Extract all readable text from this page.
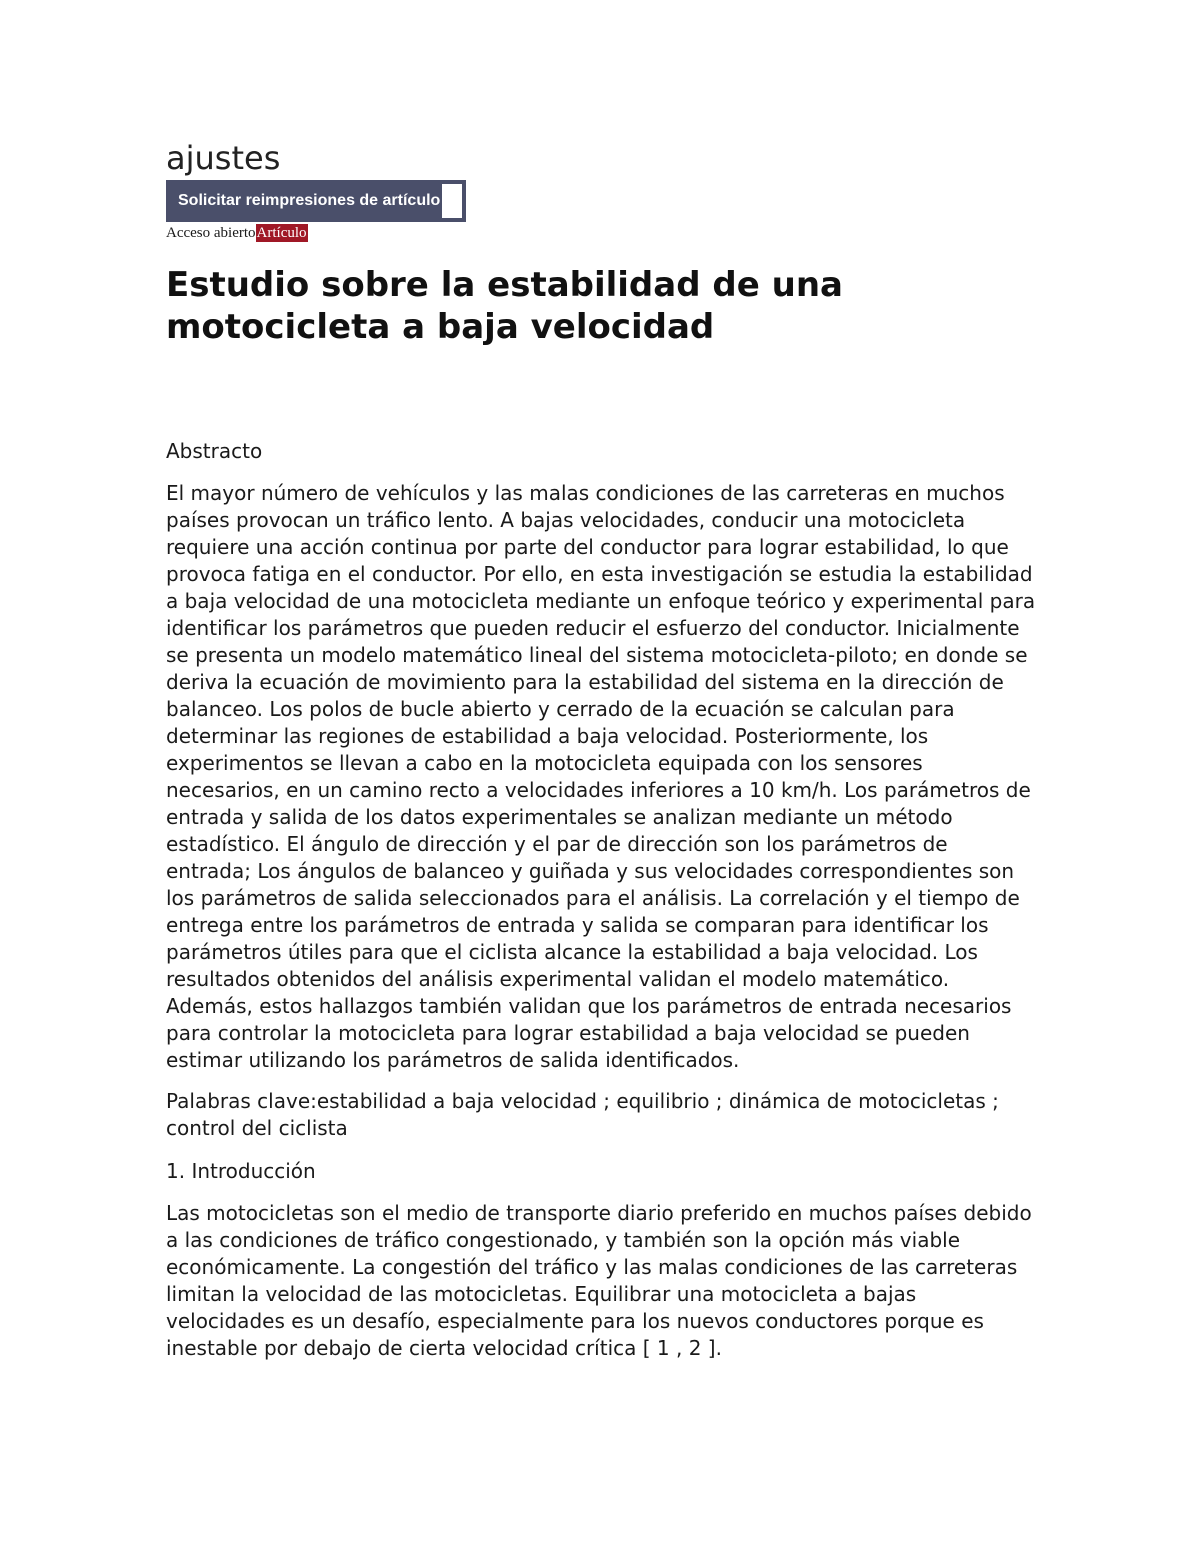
ajustes
Solicitar reimpresiones de artículo
Acceso abierto Artículo
Estudio sobre la estabilidad de una motocicleta a baja velocidad
Abstracto

El mayor número de vehículos y las malas condiciones de las carreteras en muchos países provocan un tráfico lento. A bajas velocidades, conducir una motocicleta requiere una acción continua por parte del conductor para lograr estabilidad, lo que provoca fatiga en el conductor. Por ello, en esta investigación se estudia la estabilidad a baja velocidad de una motocicleta mediante un enfoque teórico y experimental para identificar los parámetros que pueden reducir el esfuerzo del conductor. Inicialmente se presenta un modelo matemático lineal del sistema motocicleta-piloto; en donde se deriva la ecuación de movimiento para la estabilidad del sistema en la dirección de balanceo. Los polos de bucle abierto y cerrado de la ecuación se calculan para determinar las regiones de estabilidad a baja velocidad. Posteriormente, los experimentos se llevan a cabo en la motocicleta equipada con los sensores necesarios, en un camino recto a velocidades inferiores a 10 km/h. Los parámetros de entrada y salida de los datos experimentales se analizan mediante un método estadístico. El ángulo de dirección y el par de dirección son los parámetros de entrada; Los ángulos de balanceo y guiñada y sus velocidades correspondientes son los parámetros de salida seleccionados para el análisis. La correlación y el tiempo de entrega entre los parámetros de entrada y salida se comparan para identificar los parámetros útiles para que el ciclista alcance la estabilidad a baja velocidad. Los resultados obtenidos del análisis experimental validan el modelo matemático. Además, estos hallazgos también validan que los parámetros de entrada necesarios para controlar la motocicleta para lograr estabilidad a baja velocidad se pueden estimar utilizando los parámetros de salida identificados.

Palabras clave:estabilidad a baja velocidad ; equilibrio ; dinámica de motocicletas ; control del ciclista

1. Introducción

Las motocicletas son el medio de transporte diario preferido en muchos países debido a las condiciones de tráfico congestionado, y también son la opción más viable económicamente. La congestión del tráfico y las malas condiciones de las carreteras limitan la velocidad de las motocicletas. Equilibrar una motocicleta a bajas velocidades es un desafío, especialmente para los nuevos conductores porque es inestable por debajo de cierta velocidad crítica [ 1 , 2 ].
